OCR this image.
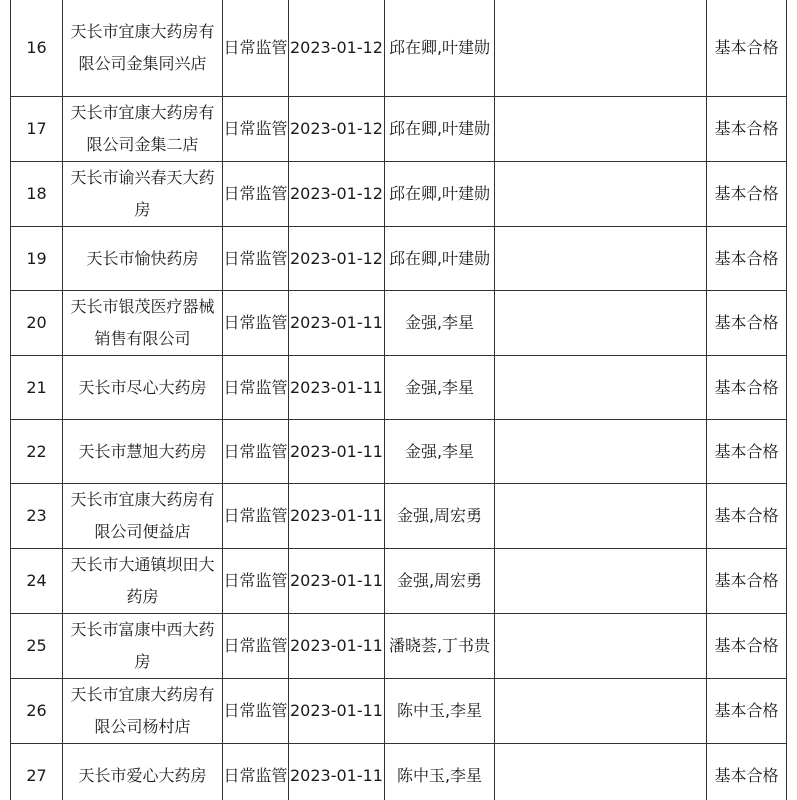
16	天长市宜康大药房有限公司金集同兴店	日常监管	2023-01-12	邱在卿,叶建勋		基本合格
17	天长市宜康大药房有限公司金集二店	日常监管	2023-01-12	邱在卿,叶建勋		基本合格
18	天长市谕兴春天大药房	日常监管	2023-01-12	邱在卿,叶建勋		基本合格
19	天长市愉快药房	日常监管	2023-01-12	邱在卿,叶建勋		基本合格
20	天长市银茂医疗器械销售有限公司	日常监管	2023-01-11	金强,李星		基本合格
21	天长市尽心大药房	日常监管	2023-01-11	金强,李星		基本合格
22	天长市慧旭大药房	日常监管	2023-01-11	金强,李星		基本合格
23	天长市宜康大药房有限公司便益店	日常监管	2023-01-11	金强,周宏勇		基本合格
24	天长市大通镇坝田大药房	日常监管	2023-01-11	金强,周宏勇		基本合格
25	天长市富康中西大药房	日常监管	2023-01-11	潘晓荟,丁书贵		基本合格
26	天长市宜康大药房有限公司杨村店	日常监管	2023-01-11	陈中玉,李星		基本合格
27	天长市爱心大药房	日常监管	2023-01-11	陈中玉,李星		基本合格
